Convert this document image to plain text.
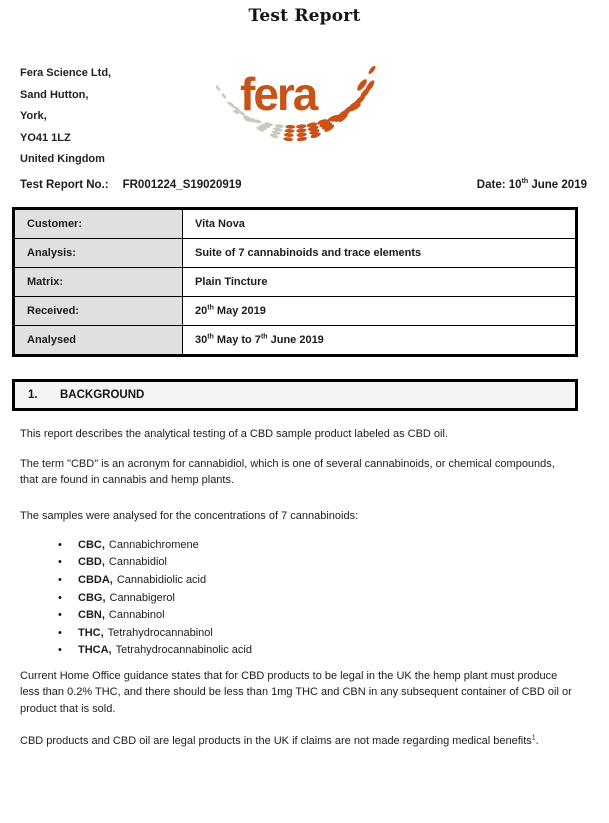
Test Report
Fera Science Ltd,
Sand Hutton,
York,
YO41 1LZ
United Kingdom
fera
Test Report No.: FR001224_S19020919	Date: 10th June 2019
Customer:	Vita Nova
Analysis:	Suite of 7 cannabinoids and trace elements
Matrix:	Plain Tincture
Received:	20th May 2019
Analysed	30th May to 7th June 2019
1.	BACKGROUND
This report describes the analytical testing of a CBD sample product labeled as CBD oil.
The term "CBD" is an acronym for cannabidiol, which is one of several cannabinoids, or chemical compounds, that are found in cannabis and hemp plants.
The samples were analysed for the concentrations of 7 cannabinoids:
•	CBC, Cannabichromene
•	CBD, Cannabidiol
•	CBDA, Cannabidiolic acid
•	CBG, Cannabigerol
•	CBN, Cannabinol
•	THC, Tetrahydrocannabinol
•	THCA, Tetrahydrocannabinolic acid
Current Home Office guidance states that for CBD products to be legal in the UK the hemp plant must produce less than 0.2% THC, and there should be less than 1mg THC and CBN in any subsequent container of CBD oil or product that is sold.
CBD products and CBD oil are legal products in the UK if claims are not made regarding medical benefits$^1$.
